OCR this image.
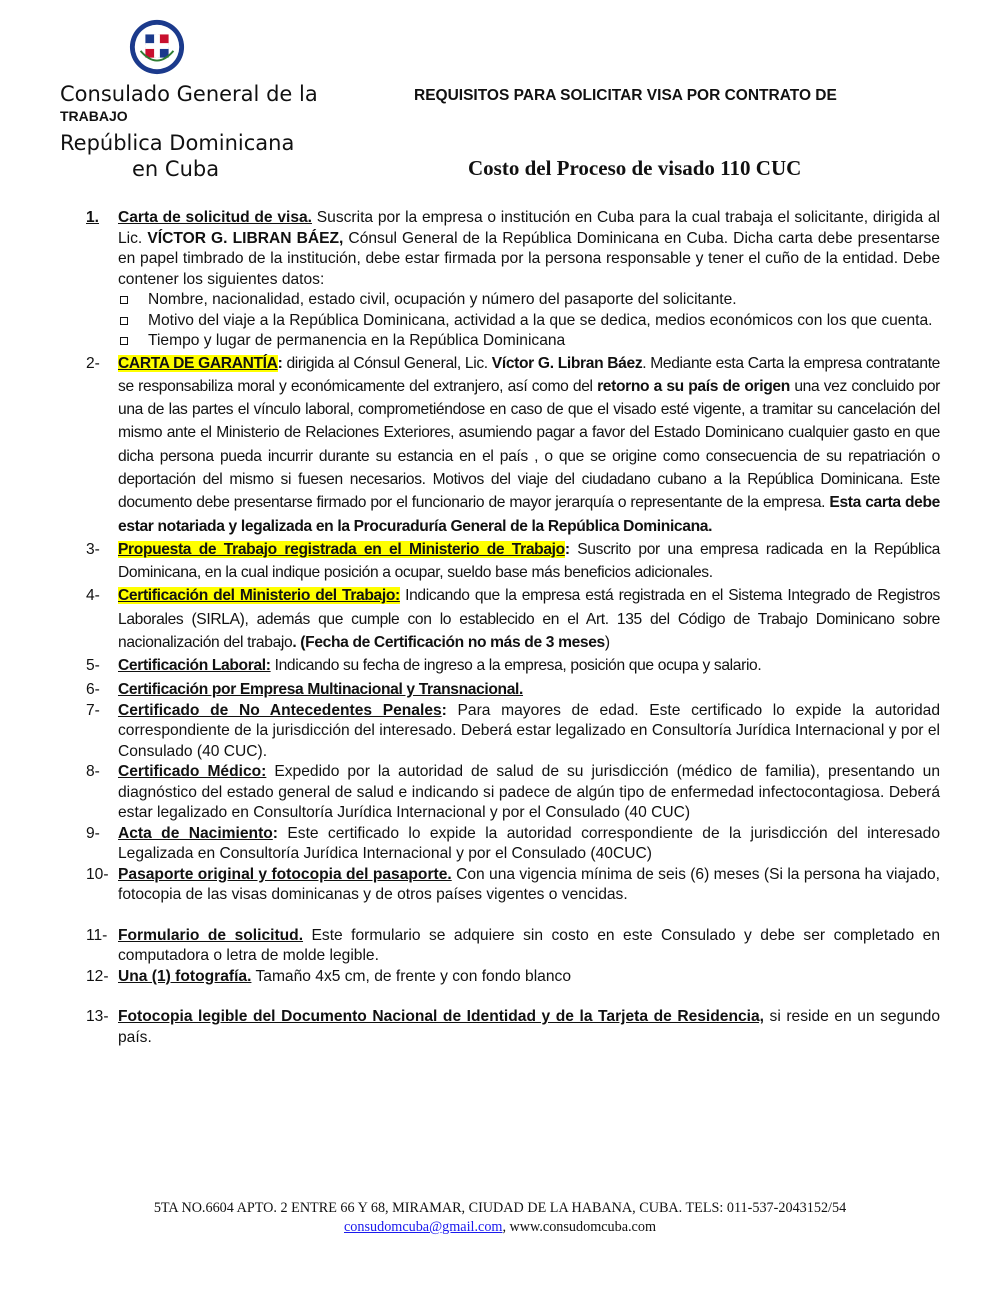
Consulado General de la
TRABAJO
República Dominicana
en Cuba
REQUISITOS PARA SOLICITAR VISA POR CONTRATO DE
Costo del Proceso de visado 110 CUC
1. Carta de solicitud de visa. Suscrita por la empresa o institución en Cuba para la cual trabaja el solicitante, dirigida al Lic. VÍCTOR G. LIBRAN BÁEZ, Cónsul General de la República Dominicana en Cuba. Dicha carta debe presentarse en papel timbrado de la institución, debe estar firmada por la persona responsable y tener el cuño de la entidad. Debe contener los siguientes datos:
Nombre, nacionalidad, estado civil, ocupación y número del pasaporte del solicitante.
Motivo del viaje a la República Dominicana, actividad a la que se dedica, medios económicos con los que cuenta.
Tiempo y lugar de permanencia en la República Dominicana
2- CARTA DE GARANTÍA: dirigida al Cónsul General, Lic. Víctor G. Libran Báez. Mediante esta Carta la empresa contratante se responsabiliza moral y económicamente del extranjero, así como del retorno a su país de origen una vez concluido por una de las partes el vínculo laboral, comprometiéndose en caso de que el visado esté vigente, a tramitar su cancelación del mismo ante el Ministerio de Relaciones Exteriores, asumiendo pagar a favor del Estado Dominicano cualquier gasto en que dicha persona pueda incurrir durante su estancia en el país , o que se origine como consecuencia de su repatriación o deportación del mismo si fuesen necesarios. Motivos del viaje del ciudadano cubano a la República Dominicana. Este documento debe presentarse firmado por el funcionario de mayor jerarquía o representante de la empresa. Esta carta debe estar notariada y legalizada en la Procuraduría General de la República Dominicana.
3- Propuesta de Trabajo registrada en el Ministerio de Trabajo: Suscrito por una empresa radicada en la República Dominicana, en la cual indique posición a ocupar, sueldo base más beneficios adicionales.
4- Certificación del Ministerio del Trabajo: Indicando que la empresa está registrada en el Sistema Integrado de Registros Laborales (SIRLA), además que cumple con lo establecido en el Art. 135 del Código de Trabajo Dominicano sobre nacionalización del trabajo. (Fecha de Certificación no más de 3 meses)
5- Certificación Laboral: Indicando su fecha de ingreso a la empresa, posición que ocupa y salario.
6- Certificación por Empresa Multinacional y Transnacional.
7- Certificado de No Antecedentes Penales: Para mayores de edad. Este certificado lo expide la autoridad correspondiente de la jurisdicción del interesado. Deberá estar legalizado en Consultoría Jurídica Internacional y por el Consulado (40 CUC).
8- Certificado Médico: Expedido por la autoridad de salud de su jurisdicción (médico de familia), presentando un diagnóstico del estado general de salud e indicando si padece de algún tipo de enfermedad infectocontagiosa. Deberá estar legalizado en Consultoría Jurídica Internacional y por el Consulado (40 CUC)
9- Acta de Nacimiento: Este certificado lo expide la autoridad correspondiente de la jurisdicción del interesado Legalizada en Consultoría Jurídica Internacional y por el Consulado (40CUC)
10- Pasaporte original y fotocopia del pasaporte. Con una vigencia mínima de seis (6) meses (Si la persona ha viajado, fotocopia de las visas dominicanas y de otros países vigentes o vencidas.
11- Formulario de solicitud. Este formulario se adquiere sin costo en este Consulado y debe ser completado en computadora o letra de molde legible.
12- Una (1) fotografía. Tamaño 4x5 cm, de frente y con fondo blanco
13- Fotocopia legible del Documento Nacional de Identidad y de la Tarjeta de Residencia, si reside en un segundo país.
5TA NO.6604 APTO. 2 ENTRE 66 Y 68, MIRAMAR, CIUDAD DE LA HABANA, CUBA. TELS: 011-537-2043152/54
consudomcuba@gmail.com, www.consudomcuba.com
